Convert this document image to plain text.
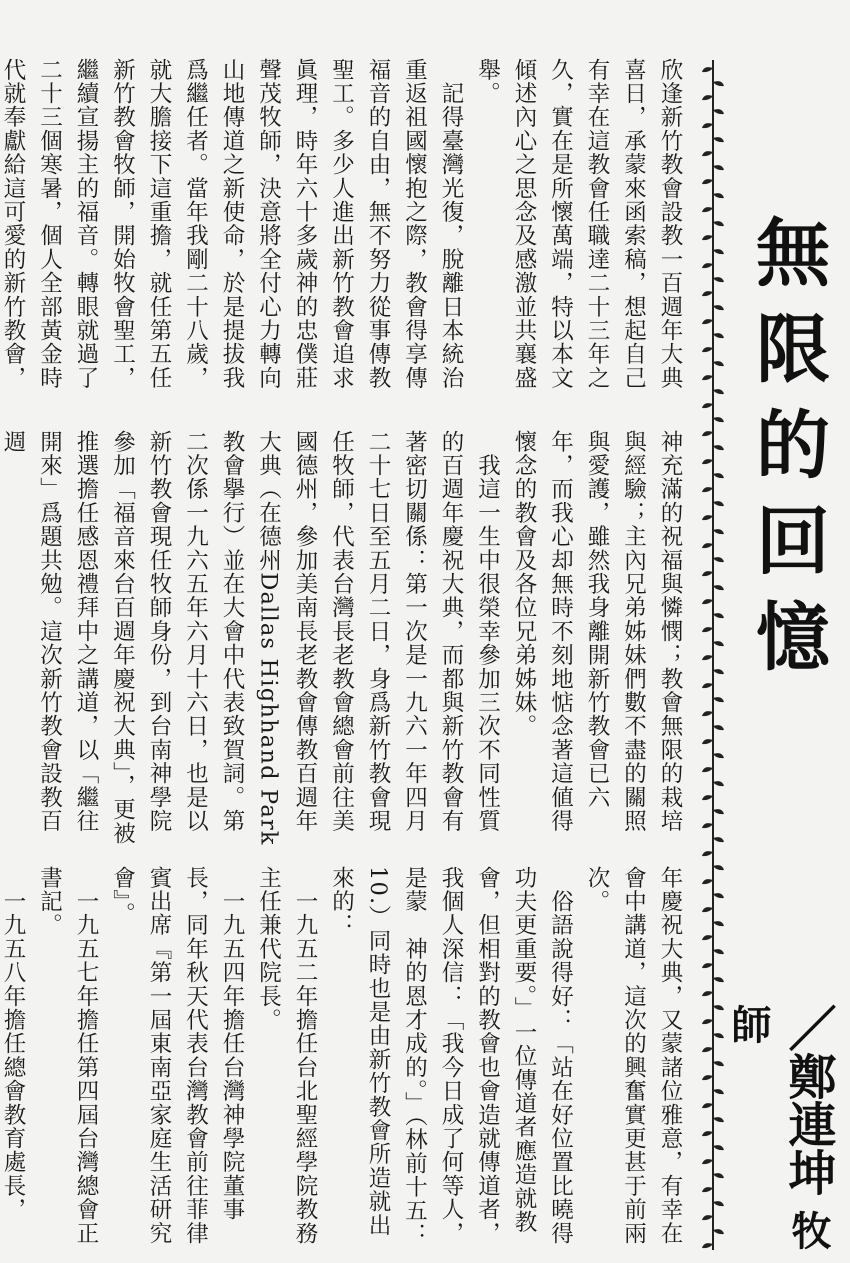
無限的回憶
／鄭連坤牧師
欣逢新竹教會設教一百週年大典喜日，承蒙來函索稿，想起自己有幸在這教會任職達二十三年之久，實在是所懷萬端，特以本文傾述內心之思念及感激並共襄盛舉。
　記得臺灣光復，脫離日本統治重返祖國懷抱之際，教會得享傳福音的自由，無不努力從事傳教聖工。多少人進出新竹教會追求眞理，時年六十多歲神的忠僕莊聲茂牧師，決意將全付心力轉向山地傳道之新使命，於是提拔我爲繼任者。當年我剛二十八歲，就大膽接下這重擔，就任第五任新竹教會牧師，開始牧會聖工，繼續宣揚主的福音。轉眼就過了二十三個寒暑，個人全部黃金時代就奉獻給這可愛的新竹教會，
神充滿的祝福與憐憫；教會無限的栽培與經驗；主內兄弟姊妹們數不盡的關照與愛護，雖然我身離開新竹教會已六年，而我心却無時不刻地惦念著這値得懷念的教會及各位兄弟姊妹。
　我這一生中很榮幸參加三次不同性質的百週年慶祝大典，而都與新竹教會有著密切關係：第一次是一九六一年四月二十七日至五月二日，身爲新竹教會現任牧師，代表台灣長老教會總會前往美國德州，參加美南長老教會傳教百週年大典（在德州Dallas Highhand Park 教會擧行）並在大會中代表致賀詞。第二次係一九六五年六月十六日，也是以新竹教會現任牧師身份，到台南神學院參加「福音來台百週年慶祝大典」，更被推選擔任感恩禮拜中之講道，以「繼往開來」爲題共勉。這次新竹教會設教百週
年慶祝大典，又蒙諸位雅意，有幸在會中講道，這次的興奮實更甚于前兩次。
　俗語說得好：「站在好位置比曉得功夫更重要。」一位傳道者應造就教會，但相對的教會也會造就傳道者，我個人深信：「我今日成了何等人，是蒙　神的恩才成的。」（林前十五：10.）同時也是由新竹教會所造就出來的：
　一九五二年擔任台北聖經學院教務主任兼代院長。
　一九五四年擔任台灣神學院董事長，同年秋天代表台灣教會前往菲律賓出席『第一屆東南亞家庭生活研究會』。
　一九五七年擔任第四屆台灣總會正書記。
　一九五八年擔任總會教育處長，
